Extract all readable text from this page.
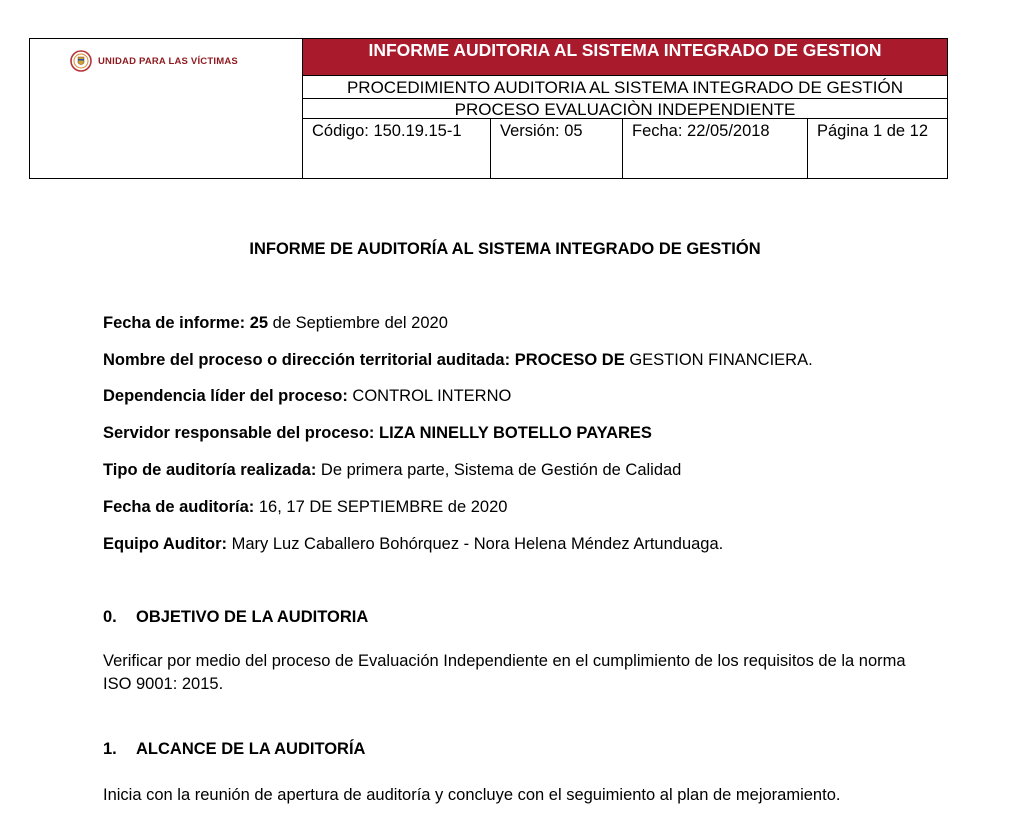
UNIDAD PARA LAS VÍCTIMAS
INFORME AUDITORIA AL SISTEMA INTEGRADO DE GESTION
PROCEDIMIENTO AUDITORIA AL SISTEMA INTEGRADO DE GESTIÓN
PROCESO EVALUACIÒN INDEPENDIENTE
Código: 150.19.15-1	Versión: 05	Fecha: 22/05/2018	Página 1 de 12
INFORME DE AUDITORÍA AL SISTEMA INTEGRADO DE GESTIÓN
Fecha de informe: 25 de Septiembre del 2020
Nombre del proceso o dirección territorial auditada: PROCESO DE GESTION FINANCIERA.
Dependencia líder del proceso: CONTROL INTERNO
Servidor responsable del proceso: LIZA NINELLY BOTELLO PAYARES
Tipo de auditoría realizada: De primera parte, Sistema de Gestión de Calidad
Fecha de auditoría: 16, 17 DE SEPTIEMBRE de 2020
Equipo Auditor: Mary Luz Caballero Bohórquez - Nora Helena Méndez Artunduaga.
0. OBJETIVO DE LA AUDITORIA
Verificar por medio del proceso de Evaluación Independiente en el cumplimiento de los requisitos de la norma ISO 9001: 2015.
1. ALCANCE DE LA AUDITORÍA
Inicia con la reunión de apertura de auditoría y concluye con el seguimiento al plan de mejoramiento.
